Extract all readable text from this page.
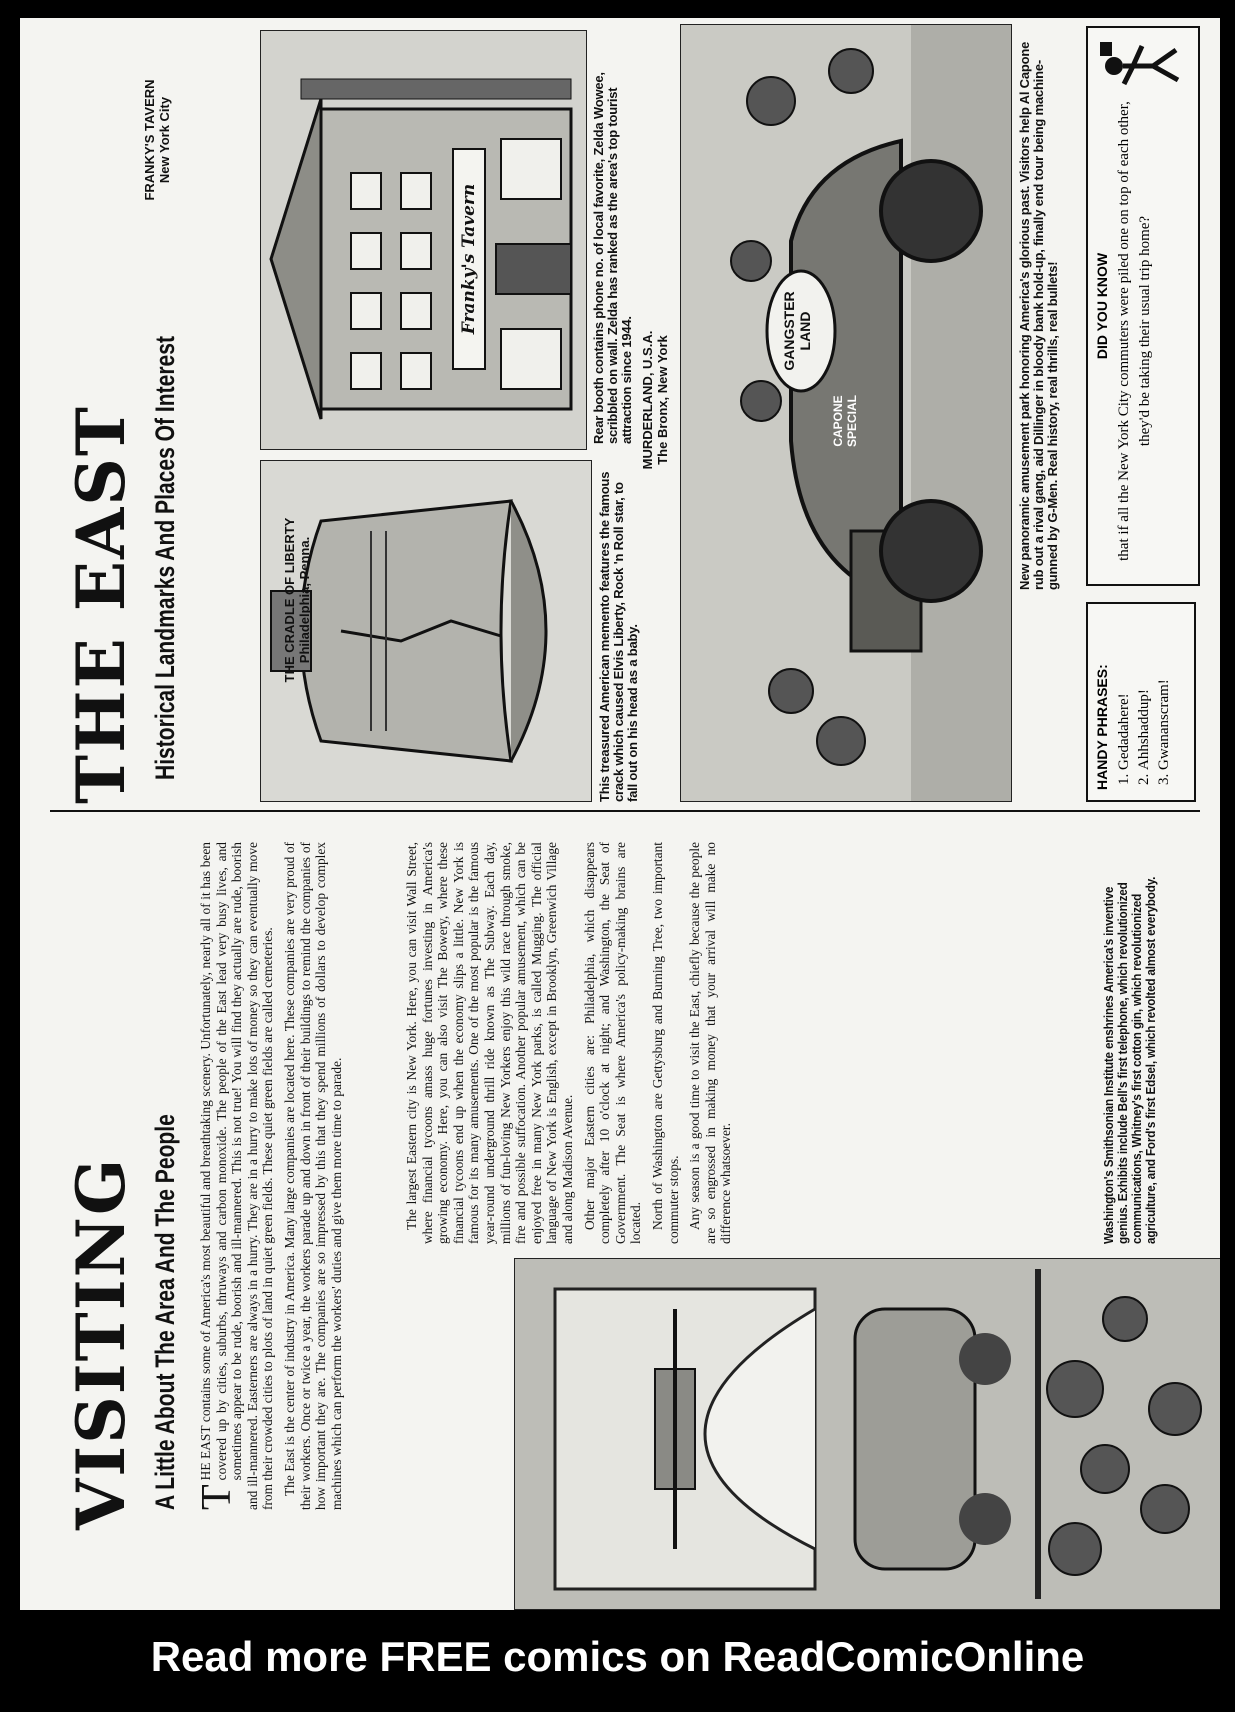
VISITING A Little About The Area And The People T
HE EAST contains some of America's most beautiful and breathtaking scenery. Unfortunately, nearly all of it has been covered up by cities, suburbs, thruways and carbon monoxide. The people of the East lead very busy lives, and sometimes appear to be rude, boorish and ill-mannered. This is not true! You will find they actually are rude, boorish and ill-mannered. Easterners are always in a hurry. They are in a hurry to make lots of money so they can eventually move from their crowded cities to plots of land in quiet green fields. These quiet green fields are called cemeteries. The East is the center of industry in America. Many large companies are located here. These companies are very proud of their workers. Once or twice a year, the workers parade up and down in front of their buildings to remind the companies of how important they are. The companies are so impressed by this that they spend millions of dollars to develop complex machines which can perform the workers' duties and give them more time to parade.

The largest Eastern city is New York. Here, you can visit Wall Street, where financial tycoons amass huge fortunes investing in America's growing economy. Here, you can also visit The Bowery, where these financial tycoons end up when the economy slips a little. New York is famous for its many amusements. One of the most popular is the famous year-round underground thrill ride known as The Subway. Each day, millions of fun-loving New Yorkers enjoy this wild race through smoke, fire and possible suffocation. Another popular amusement, which can be enjoyed free in many New York parks, is called Mugging. The official language of New York is English, except in Brooklyn, Greenwich Village and along Madison Avenue. Other major Eastern cities are: Philadelphia, which disappears completely after 10 o'clock at night; and Washington, the Seat of Government. The Seat is where America's policy-making brains are located. North of Washington are Gettysburg and Burning Tree, two important commuter stops. Any season is a good time to visit the East, chiefly because the people are so engrossed in making money that your arrival will make no difference whatsoever.	Washington's Smithsonian Institute enshrines America's inventive genius. Exhibits include Bell's first telephone, which revolutionized communications, Whitney's first cotton gin, which revolutionized agriculture, and Ford's first Edsel, which revolted almost everybody.
THE EAST Historical Landmarks And Places Of Interest	THE CRADLE OF LIBERTY Philadelphia, Penna.	This treasured American memento features the famous crack which caused Elvis Liberty, Rock 'n Roll star, to fall out on his head as a baby.
Franky's Tavern
FRANKY'S TAVERN New York City	Rear booth contains phone no. of local favorite, Zelda Wowee, scribbled on wall. Zelda has ranked as the area's top tourist attraction since 1944. MURDERLAND, U.S.A. The Bronx, New York
GANGSTER LAND
CAPONE SPECIAL	New panoramic amusement park honoring America's glorious past. Visitors help Al Capone rub out a rival gang, aid Dillinger in bloody bank hold-up, finally end tour being machine-gunned by G-Men. Real history, real thrills, real bullets!
HANDY PHRASES: 1. Gedadahere! 2. Ahhshaddup! 3. Gwananscram!
DID YOU KNOW that if all the New York City commuters were piled one on top of each other, they'd be taking their usual trip home?
Read more FREE comics on ReadComicOnline
